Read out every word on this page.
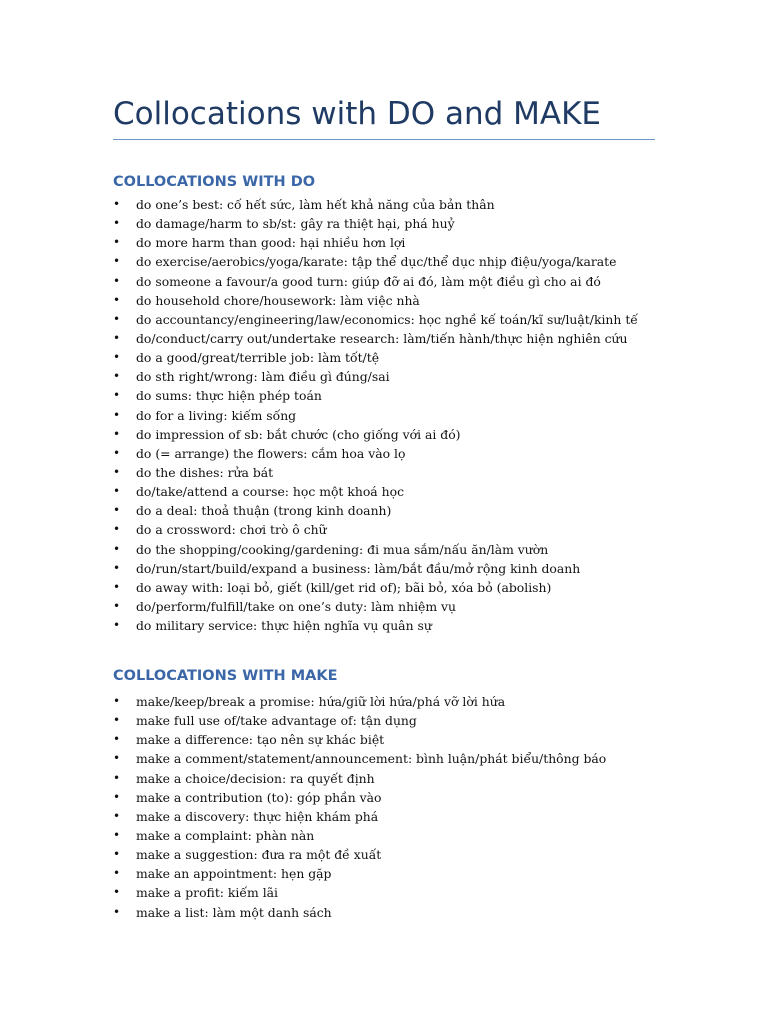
Collocations with DO and MAKE
COLLOCATIONS WITH DO
• do one’s best: cố hết sức, làm hết khả năng của bản thân
• do damage/harm to sb/st: gây ra thiệt hại, phá huỷ
• do more harm than good: hại nhiều hơn lợi
• do exercise/aerobics/yoga/karate: tập thể dục/thể dục nhịp điệu/yoga/karate
• do someone a favour/a good turn: giúp đỡ ai đó, làm một điều gì cho ai đó
• do household chore/housework: làm việc nhà
• do accountancy/engineering/law/economics: học nghề kế toán/kĩ sư/luật/kinh tế
• do/conduct/carry out/undertake research: làm/tiến hành/thực hiện nghiên cứu
• do a good/great/terrible job: làm tốt/tệ
• do sth right/wrong: làm điều gì đúng/sai
• do sums: thực hiện phép toán
• do for a living: kiếm sống
• do impression of sb: bắt chước (cho giống với ai đó)
• do (= arrange) the flowers: cắm hoa vào lọ
• do the dishes: rửa bát
• do/take/attend a course: học một khoá học
• do a deal: thoả thuận (trong kinh doanh)
• do a crossword: chơi trò ô chữ
• do the shopping/cooking/gardening: đi mua sắm/nấu ăn/làm vườn
• do/run/start/build/expand a business: làm/bắt đầu/mở rộng kinh doanh
• do away with: loại bỏ, giết (kill/get rid of); bãi bỏ, xóa bỏ (abolish)
• do/perform/fulfill/take on one’s duty: làm nhiệm vụ
• do military service: thực hiện nghĩa vụ quân sự
COLLOCATIONS WITH MAKE
• make/keep/break a promise: hứa/giữ lời hứa/phá vỡ lời hứa
• make full use of/take advantage of: tận dụng
• make a difference: tạo nên sự khác biệt
• make a comment/statement/announcement: bình luận/phát biểu/thông báo
• make a choice/decision: ra quyết định
• make a contribution (to): góp phần vào
• make a discovery: thực hiện khám phá
• make a complaint: phàn nàn
• make a suggestion: đưa ra một đề xuất
• make an appointment: hẹn gặp
• make a profit: kiếm lãi
• make a list: làm một danh sách
